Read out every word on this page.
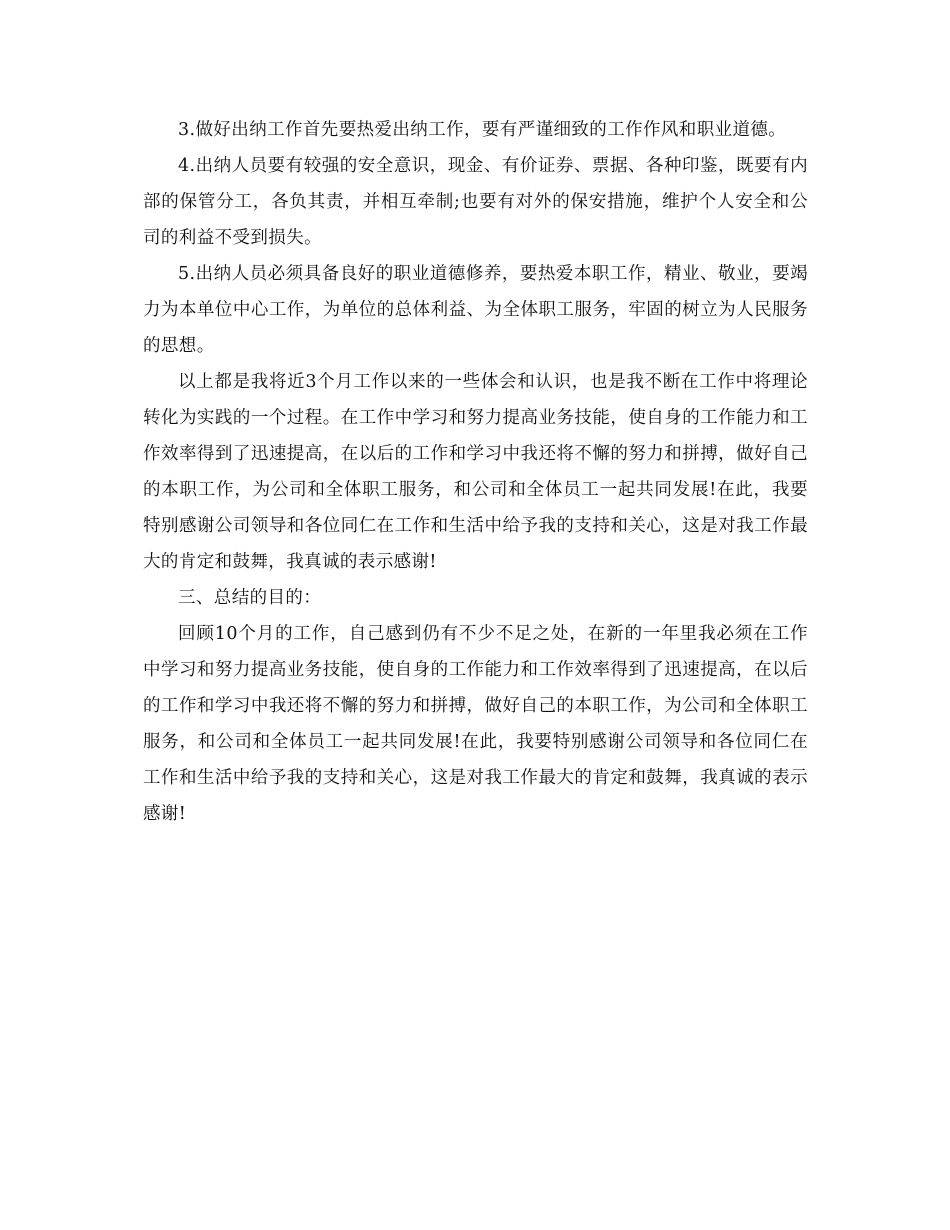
3.做好出纳工作首先要热爱出纳工作，要有严谨细致的工作作风和职业道德。

4.出纳人员要有较强的安全意识，现金、有价证券、票据、各种印鉴，既要有内部的保管分工，各负其责，并相互牵制;也要有对外的保安措施，维护个人安全和公司的利益不受到损失。

5.出纳人员必须具备良好的职业道德修养，要热爱本职工作，精业、敬业，要竭力为本单位中心工作，为单位的总体利益、为全体职工服务，牢固的树立为人民服务的思想。

以上都是我将近3个月工作以来的一些体会和认识，也是我不断在工作中将理论转化为实践的一个过程。在工作中学习和努力提高业务技能，使自身的工作能力和工作效率得到了迅速提高，在以后的工作和学习中我还将不懈的努力和拼搏，做好自己的本职工作，为公司和全体职工服务，和公司和全体员工一起共同发展!在此，我要特别感谢公司领导和各位同仁在工作和生活中给予我的支持和关心，这是对我工作最大的肯定和鼓舞，我真诚的表示感谢!

三、总结的目的：

回顾10个月的工作，自己感到仍有不少不足之处，在新的一年里我必须在工作中学习和努力提高业务技能，使自身的工作能力和工作效率得到了迅速提高，在以后的工作和学习中我还将不懈的努力和拼搏，做好自己的本职工作，为公司和全体职工服务，和公司和全体员工一起共同发展!在此，我要特别感谢公司领导和各位同仁在工作和生活中给予我的支持和关心，这是对我工作最大的肯定和鼓舞，我真诚的表示感谢!
